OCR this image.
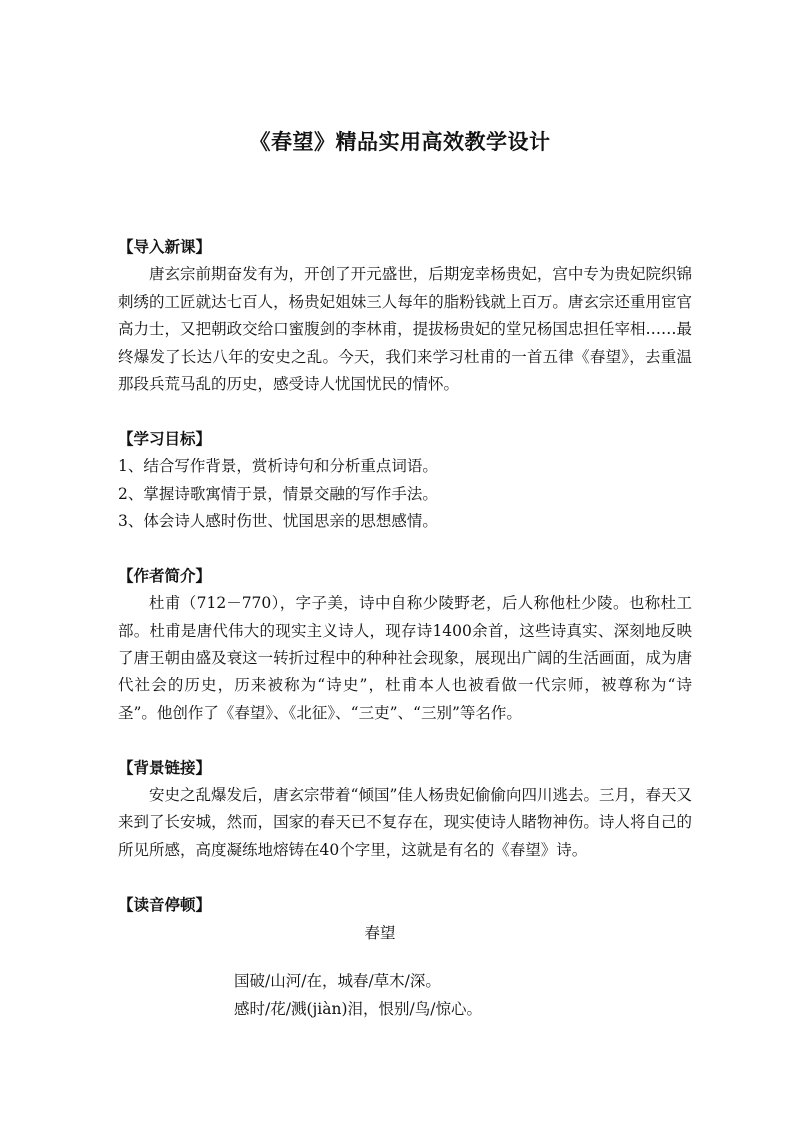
《春望》精品实用高效教学设计

【导入新课】

唐玄宗前期奋发有为，开创了开元盛世，后期宠幸杨贵妃，宫中专为贵妃院织锦刺绣的工匠就达七百人，杨贵妃姐妹三人每年的脂粉钱就上百万。唐玄宗还重用宦官高力士，又把朝政交给口蜜腹剑的李林甫，提拔杨贵妃的堂兄杨国忠担任宰相……最终爆发了长达八年的安史之乱。今天，我们来学习杜甫的一首五律《春望》，去重温那段兵荒马乱的历史，感受诗人忧国忧民的情怀。

【学习目标】

1、结合写作背景，赏析诗句和分析重点词语。

2、掌握诗歌寓情于景，情景交融的写作手法。

3、体会诗人感时伤世、忧国思亲的思想感情。

【作者简介】

杜甫（712－770），字子美，诗中自称少陵野老，后人称他杜少陵。也称杜工部。杜甫是唐代伟大的现实主义诗人，现存诗1400余首，这些诗真实、深刻地反映了唐王朝由盛及衰这一转折过程中的种种社会现象，展现出广阔的生活画面，成为唐代社会的历史，历来被称为“诗史”，杜甫本人也被看做一代宗师，被尊称为“诗圣”。他创作了《春望》、《北征》、“三吏”、“三别”等名作。

【背景链接】

安史之乱爆发后，唐玄宗带着“倾国”佳人杨贵妃偷偷向四川逃去。三月，春天又来到了长安城，然而，国家的春天已不复存在，现实使诗人睹物神伤。诗人将自己的所见所感，高度凝练地熔铸在40个字里，这就是有名的《春望》诗。

【读音停顿】

春望

国破/山河/在，城春/草木/深。

感时/花/溅(jiàn)泪，恨别/鸟/惊心。
